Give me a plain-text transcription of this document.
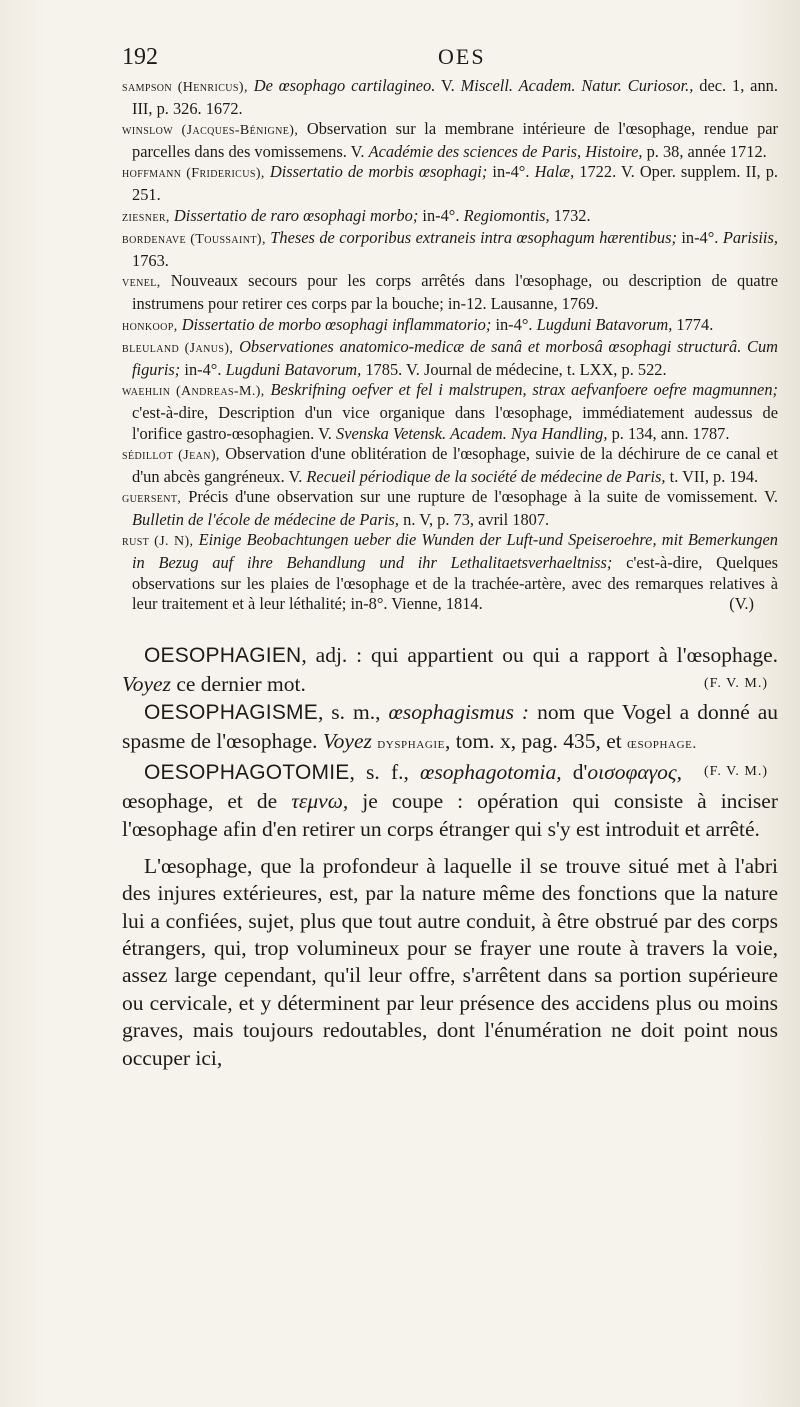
192	OES

sampson (Henricus), De œsophago cartilagineo. V. Miscell. Academ. Natur. Curiosor., dec. 1, ann. III, p. 326. 1672.

winslow (Jacques-Bénigne), Observation sur la membrane intérieure de l'œsophage, rendue par parcelles dans des vomissemens. V. Académie des sciences de Paris, Histoire, p. 38, année 1712.

hoffmann (Fridericus), Dissertatio de morbis œsophagi; in-4°. Halæ, 1722. V. Oper. supplem. II, p. 251.

ziesner, Dissertatio de raro œsophagi morbo; in-4°. Regiomontis, 1732.

bordenave (Toussaint), Theses de corporibus extraneis intra œsophagum hærentibus; in-4°. Parisiis, 1763.

venel, Nouveaux secours pour les corps arrêtés dans l'œsophage, ou description de quatre instrumens pour retirer ces corps par la bouche; in-12. Lausanne, 1769.

honkoop, Dissertatio de morbo œsophagi inflammatorio; in-4°. Lugduni Batavorum, 1774.

bleuland (Janus), Observationes anatomico-medicæ de sanâ et morbosâ œsophagi structurâ. Cum figuris; in-4°. Lugduni Batavorum, 1785. V. Journal de médecine, t. LXX, p. 522.

waehlin (Andreas-M.), Beskrifning oefver et fel i malstrupen, strax aefvanfoere oefre magmunnen; c'est-à-dire, Description d'un vice organique dans l'œsophage, immédiatement audessus de l'orifice gastro-œsophagien. V. Svenska Vetensk. Academ. Nya Handling, p. 134, ann. 1787.

sédillot (Jean), Observation d'une oblitération de l'œsophage, suivie de la déchirure de ce canal et d'un abcès gangréneux. V. Recueil périodique de la société de médecine de Paris, t. VII, p. 194.

guersent, Précis d'une observation sur une rupture de l'œsophage à la suite de vomissement. V. Bulletin de l'école de médecine de Paris, n. V, p. 73, avril 1807.

rust (J. N), Einige Beobachtungen ueber die Wunden der Luft-und Speiseroehre, mit Bemerkungen in Bezug auf ihre Behandlung und ihr Lethalitaetsverhaeltniss; c'est-à-dire, Quelques observations sur les plaies de l'œsophage et de la trachée-artère, avec des remarques relatives à leur traitement et à leur léthalité; in-8°. Vienne, 1814.	(V.)

OESOPHAGIEN, adj. : qui appartient ou qui a rapport à l'œsophage. Voyez ce dernier mot.	(F. V. M.)

OESOPHAGISME, s. m., œsophagismus : nom que Vogel a donné au spasme de l'œsophage. Voyez dysphagie, tom. x, pag. 435, et œsophage.
(F. V. M.)

OESOPHAGOTOMIE, s. f., œsophagotomia, d'οισοφαγος, œsophage, et de τεμνω, je coupe : opération qui consiste à inciser l'œsophage afin d'en retirer un corps étranger qui s'y est introduit et arrêté.

L'œsophage, que la profondeur à laquelle il se trouve situé met à l'abri des injures extérieures, est, par la nature même des fonctions que la nature lui a confiées, sujet, plus que tout autre conduit, à être obstrué par des corps étrangers, qui, trop volumineux pour se frayer une route à travers la voie, assez large cependant, qu'il leur offre, s'arrêtent dans sa portion supérieure ou cervicale, et y déterminent par leur présence des accidens plus ou moins graves, mais toujours redoutables, dont l'énumération ne doit point nous occuper ici,
